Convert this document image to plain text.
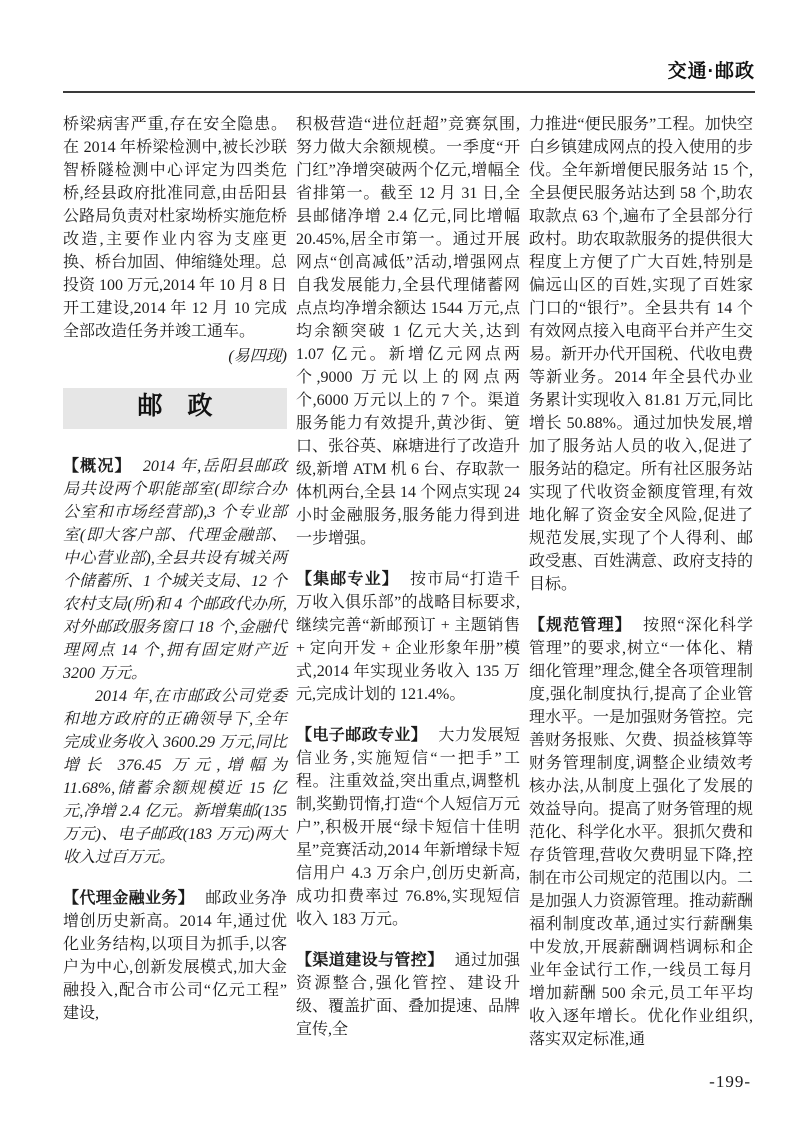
交通·邮政

桥梁病害严重,存在安全隐患。在 2014 年桥梁检测中,被长沙联智桥隧检测中心评定为四类危桥,经县政府批准同意,由岳阳县公路局负责对杜家坳桥实施危桥改造,主要作业内容为支座更换、桥台加固、伸缩缝处理。总投资 100 万元,2014 年 10 月 8 日开工建设,2014 年 12 月 10 完成全部改造任务并竣工通车。

(易四现)

邮　政

【概况】 2014 年,岳阳县邮政局共设两个职能部室(即综合办公室和市场经营部),3 个专业部室(即大客户部、代理金融部、中心营业部),全县共设有城关两个储蓄所、1 个城关支局、12 个农村支局(所)和 4 个邮政代办所,对外邮政服务窗口 18 个,金融代理网点 14 个,拥有固定财产近 3200 万元。

2014 年,在市邮政公司党委和地方政府的正确领导下,全年完成业务收入 3600.29 万元,同比增长 376.45 万元,增幅为 11.68%,储蓄余额规模近 15 亿元,净增 2.4 亿元。新增集邮(135 万元)、电子邮政(183 万元)两大收入过百万元。

【代理金融业务】 邮政业务净增创历史新高。2014 年,通过优化业务结构,以项目为抓手,以客户为中心,创新发展模式,加大金融投入,配合市公司“亿元工程”建设,

积极营造“进位赶超”竞赛氛围,努力做大余额规模。一季度“开门红”净增突破两个亿元,增幅全省排第一。截至 12 月 31 日,全县邮储净增 2.4 亿元,同比增幅 20.45%,居全市第一。通过开展网点“创高减低”活动,增强网点自我发展能力,全县代理储蓄网点点均净增余额达 1544 万元,点均余额突破 1 亿元大关,达到 1.07 亿元。新增亿元网点两个,9000 万元以上的网点两个,6000 万元以上的 7 个。渠道服务能力有效提升,黄沙街、筻口、张谷英、麻塘进行了改造升级,新增 ATM 机 6 台、存取款一体机两台,全县 14 个网点实现 24 小时金融服务,服务能力得到进一步增强。

【集邮专业】 按市局“打造千万收入俱乐部”的战略目标要求,继续完善“新邮预订 + 主题销售 + 定向开发 + 企业形象年册”模式,2014 年实现业务收入 135 万元,完成计划的 121.4%。

【电子邮政专业】 大力发展短信业务,实施短信“一把手”工程。注重效益,突出重点,调整机制,奖勤罚惰,打造“个人短信万元户”,积极开展“绿卡短信十佳明星”竞赛活动,2014 年新增绿卡短信用户 4.3 万余户,创历史新高,成功扣费率过 76.8%,实现短信收入 183 万元。

【渠道建设与管控】 通过加强资源整合,强化管控、建设升级、覆盖扩面、叠加提速、品牌宣传,全

力推进“便民服务”工程。加快空白乡镇建成网点的投入使用的步伐。全年新增便民服务站 15 个,全县便民服务站达到 58 个,助农取款点 63 个,遍布了全县部分行政村。助农取款服务的提供很大程度上方便了广大百姓,特别是偏远山区的百姓,实现了百姓家门口的“银行”。全县共有 14 个有效网点接入电商平台并产生交易。新开办代开国税、代收电费等新业务。2014 年全县代办业务累计实现收入 81.81 万元,同比增长 50.88%。通过加快发展,增加了服务站人员的收入,促进了服务站的稳定。所有社区服务站实现了代收资金额度管理,有效地化解了资金安全风险,促进了规范发展,实现了个人得利、邮政受惠、百姓满意、政府支持的目标。

【规范管理】 按照“深化科学管理”的要求,树立“一体化、精细化管理”理念,健全各项管理制度,强化制度执行,提高了企业管理水平。一是加强财务管控。完善财务报账、欠费、损益核算等财务管理制度,调整企业绩效考核办法,从制度上强化了发展的效益导向。提高了财务管理的规范化、科学化水平。狠抓欠费和存货管理,营收欠费明显下降,控制在市公司规定的范围以内。二是加强人力资源管理。推动薪酬福利制度改革,通过实行薪酬集中发放,开展薪酬调档调标和企业年金试行工作,一线员工每月增加薪酬 500 余元,员工年平均收入逐年增长。优化作业组织,落实双定标准,通

-199-
